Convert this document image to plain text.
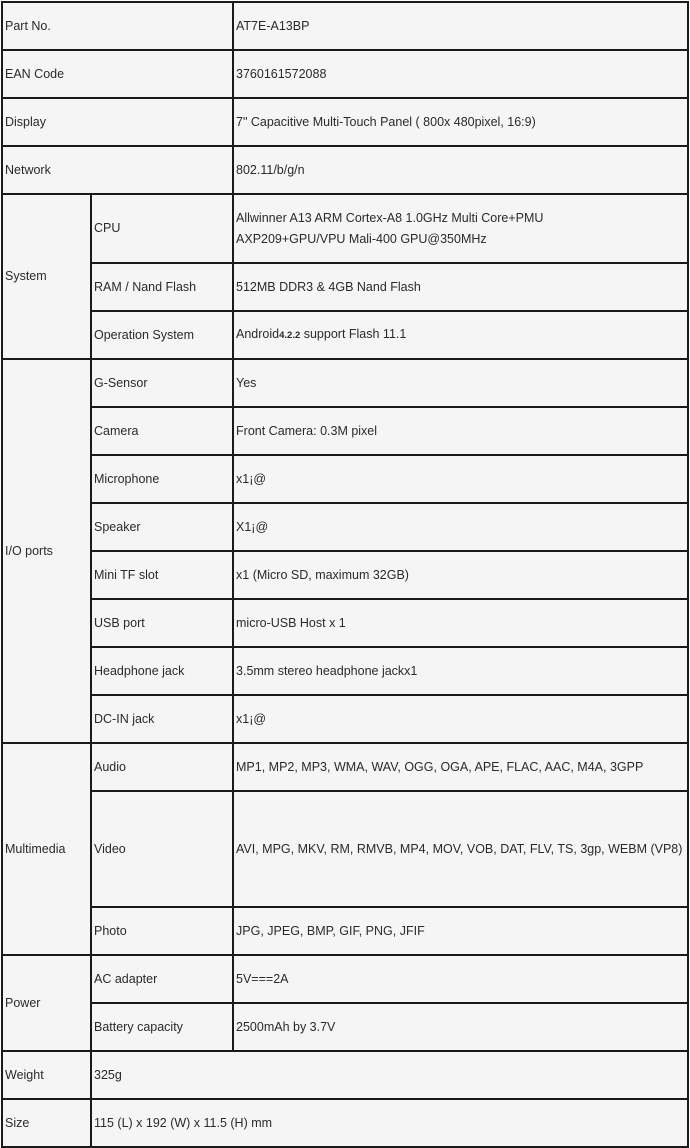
Part No.		AT7E-A13BP
EAN Code		3760161572088
Display		7" Capacitive Multi-Touch Panel ( 800x 480pixel, 16:9)
Network		802.11/b/g/n
System	CPU	Allwinner A13 ARM Cortex-A8 1.0GHz Multi Core+PMU
AXP209+GPU/VPU Mali-400 GPU@350MHz
	RAM / Nand Flash	512MB DDR3 & 4GB Nand Flash
	Operation System	Android4.2.2 support Flash 11.1
I/O ports	G-Sensor	Yes
	Camera	Front Camera: 0.3M pixel
	Microphone	x1¡@
	Speaker	X1¡@
	Mini TF slot	x1 (Micro SD, maximum 32GB)
	USB port	micro-USB Host x 1
	Headphone jack	3.5mm stereo headphone jackx1
	DC-IN jack	x1¡@
Multimedia	Audio	MP1, MP2, MP3, WMA, WAV, OGG, OGA, APE, FLAC, AAC, M4A, 3GPP
	Video	AVI, MPG, MKV, RM, RMVB, MP4, MOV, VOB, DAT, FLV, TS, 3gp, WEBM (VP8)
	Photo	JPG, JPEG, BMP, GIF, PNG, JFIF
Power	AC adapter	5V===2A
	Battery capacity	2500mAh by 3.7V
Weight	325g	
Size	115 (L) x 192 (W) x 11.5 (H) mm	
